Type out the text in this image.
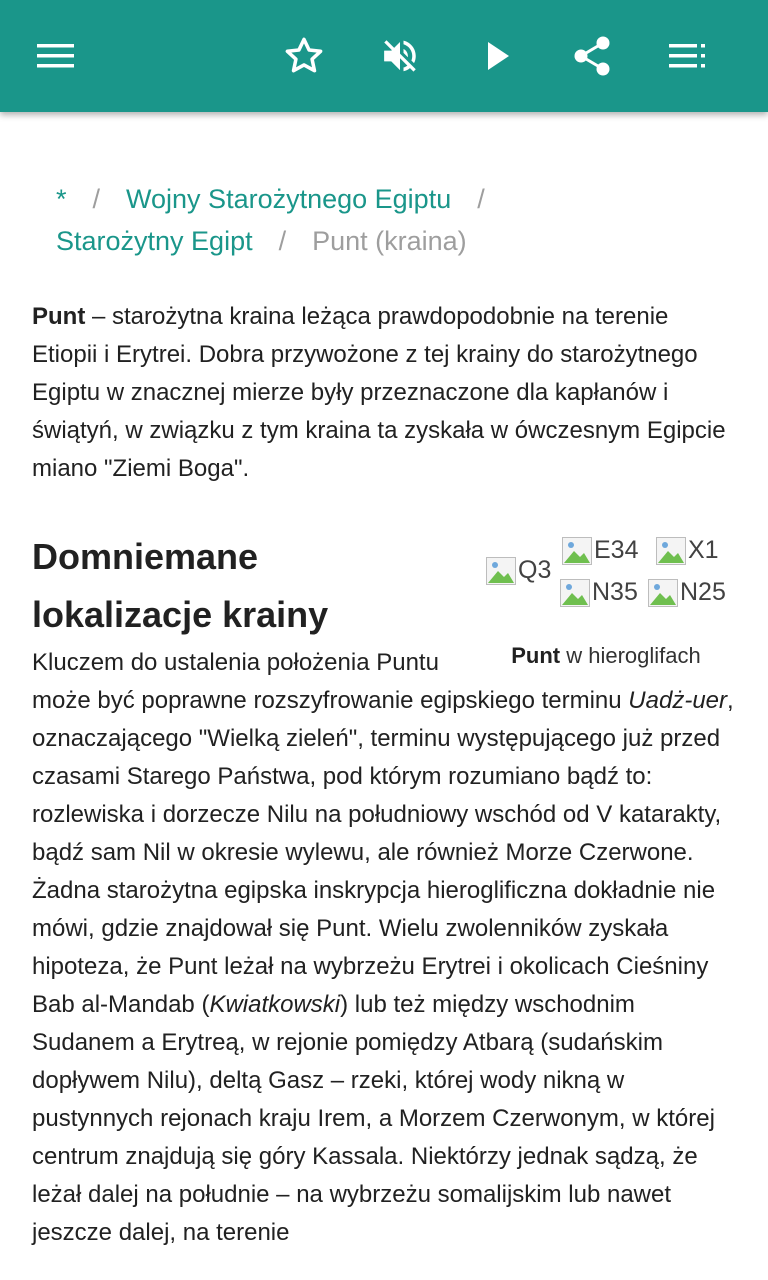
* / Wojny Starożytnego Egiptu /
Starożytny Egipt / Punt (kraina)

Punt – starożytna kraina leżąca prawdopodobnie na terenie Etiopii i Erytrei. Dobra przywożone z tej krainy do starożytnego Egiptu w znacznej mierze były przeznaczone dla kapłanów i świątyń, w związku z tym kraina ta zyskała w ówczesnym Egipcie miano "Ziemi Boga".

Q3
E34 X1
N35 N25
Punt w hieroglifach
Domniemane lokalizacje krainy

Kluczem do ustalenia położenia Puntu może być poprawne rozszyfrowanie egipskiego terminu Uadż-uer, oznaczającego "Wielką zieleń", terminu występującego już przed czasami Starego Państwa, pod którym rozumiano bądź to: rozlewiska i dorzecze Nilu na południowy wschód od V katarakty, bądź sam Nil w okresie wylewu, ale również Morze Czerwone. Żadna starożytna egipska inskrypcja hieroglificzna dokładnie nie mówi, gdzie znajdował się Punt. Wielu zwolenników zyskała hipoteza, że Punt leżał na wybrzeżu Erytrei i okolicach Cieśniny Bab al-Mandab (Kwiatkowski) lub też między wschodnim Sudanem a Erytreą, w rejonie pomiędzy Atbarą (sudańskim dopływem Nilu), deltą Gasz – rzeki, której wody nikną w pustynnych rejonach kraju Irem, a Morzem Czerwonym, w której centrum znajdują się góry Kassala. Niektórzy jednak sądzą, że leżał dalej na południe – na wybrzeżu somalijskim lub nawet jeszcze dalej, na terenie
